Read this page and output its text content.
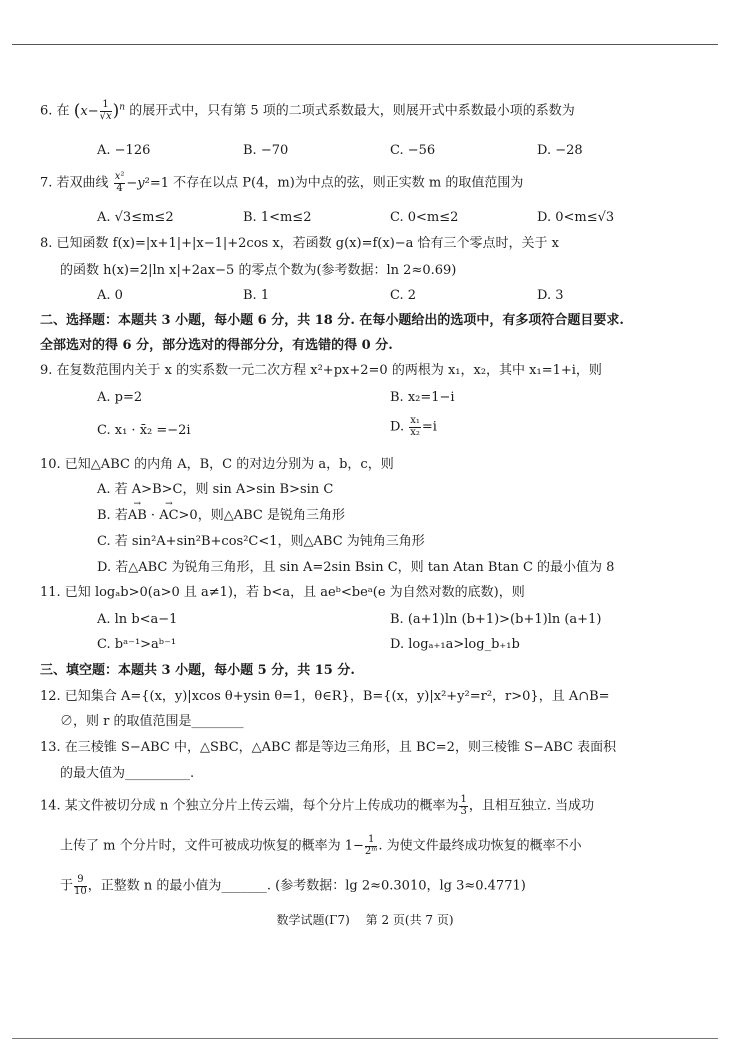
6. 在 $(x- \frac{1}{√x} )^n$ 的展开式中，只有第 5 项的二项式系数最大，则展开式中系数最小项的系数为
A. −126	B. −70	C. −56	D. −28
7. 若双曲线 $\frac{\text{x²}}{4} -y^2=1$ 不存在以点 P(4，m)为中点的弦，则正实数 m 的取值范围为
A. √3≤m≤2	B. 1<m≤2	C. 0<m≤2	D. 0<m≤√3
8. 已知函数 f(x)=|x+1|+|x−1|+2cos x，若函数 g(x)=f(x)−a 恰有三个零点时，关于 x
的函数 h(x)=2|ln x|+2ax−5 的零点个数为(参考数据：ln 2≈0.69)
A. 0	B. 1	C. 2	D. 3
二、选择题：本题共 3 小题，每小题 6 分，共 18 分. 在每小题给出的选项中，有多项符合题目要求.
全部选对的得 6 分，部分选对的得部分分，有选错的得 0 分.
9. 在复数范围内关于 x 的实系数一元二次方程 x²+px+2=0 的两根为 x₁，x₂，其中 x₁=1+i，则
A. p=2	B. x₂=1−i
C. x₁ · x̄₂ =−2i	D. $\frac{\text{x₁}}{\text{x₂}} =i$
10. 已知△ABC 的内角 A，B，C 的对边分别为 a，b，c，则
A. 若 A>B>C，则 sin A>sin B>sin C
B. 若→ AB · → AC>0，则△ABC 是锐角三角形
C. 若 sin²A+sin²B+cos²C<1，则△ABC 为钝角三角形
D. 若△ABC 为锐角三角形，且 sin A=2sin Bsin C，则 tan Atan Btan C 的最小值为 8
11. 已知 logₐb>0(a>0 且 a≠1)，若 b<a，且 aeᵇ<beᵃ(e 为自然对数的底数)，则
A. ln b<a−1	B. (a+1)ln (b+1)>(b+1)ln (a+1)
C. bᵃ⁻¹>aᵇ⁻¹	D. logₐ₊₁a>log_b₊₁b
三、填空题：本题共 3 小题，每小题 5 分，共 15 分.
12. 已知集合 A={(x，y)|xcos θ+ysin θ=1，θ∈R}，B={(x，y)|x²+y²=r²，r>0}，且 A∩B=
∅，则 r 的取值范围是________
13. 在三棱锥 S−ABC 中，△SBC，△ABC 都是等边三角形，且 BC=2，则三棱锥 S−ABC 表面积
的最大值为__________.
14. 某文件被切分成 n 个独立分片上传云端，每个分片上传成功的概率为 $\frac{1}{3}$ ，且相互独立. 当成功
上传了 m 个分片时，文件可被成功恢复的概率为 $1- \frac{1}{\text{2ᵐ}}$ . 为使文件最终成功恢复的概率不小
于 $\frac{9}{10}$ ，正整数 n 的最小值为_______. (参考数据：lg 2≈0.3010，lg 3≈0.4771)
数学试题(Γ7) 第 2 页(共 7 页)
